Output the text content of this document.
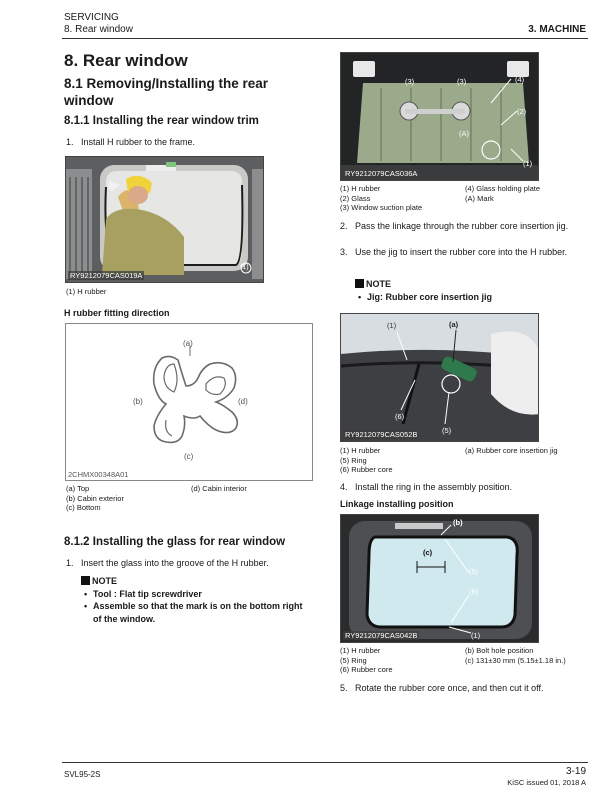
SERVICING
8. Rear window	3. MACHINE
8. Rear window
8.1 Removing/Installing the rear window
8.1.1 Installing the rear window trim
1. Install H rubber to the frame.
RY9212079CAS019A
(1)
(1) H rubber
H rubber fitting direction
(a)
(b)
(c)
(d)
2CHMX00348A01
(a) Top
(b) Cabin exterior
(c) Bottom
(d) Cabin interior
8.1.2 Installing the glass for rear window
1. Insert the glass into the groove of the H rubber.
NOTE
• Tool : Flat tip screwdriver
• Assemble so that the mark is on the bottom right of the window.
(3)	(3)	(4)
(2)
(A)
(1)
RY9212079CAS036A
(1) H rubber
(2) Glass
(3) Window suction plate
(4) Glass holding plate
(A) Mark
2. Pass the linkage through the rubber core insertion jig.
3. Use the jig to insert the rubber core into the H rubber.
NOTE
• Jig: Rubber core insertion jig
(1)	(a)
(6)
(5)
RY9212079CAS052B
(1) H rubber
(5) Ring
(6) Rubber core
(a) Rubber core insertion jig
4. Install the ring in the assembly position.
Linkage installing position
(b)
(c)
(5)
(6)
(1)
RY9212079CAS042B
(1) H rubber
(5) Ring
(6) Rubber core
(b) Bolt hole position
(c) 131±30 mm (5.15±1.18 in.)
5. Rotate the rubber core once, and then cut it off.
SVL95-2S	3-19
KiSC issued 01, 2018 A
